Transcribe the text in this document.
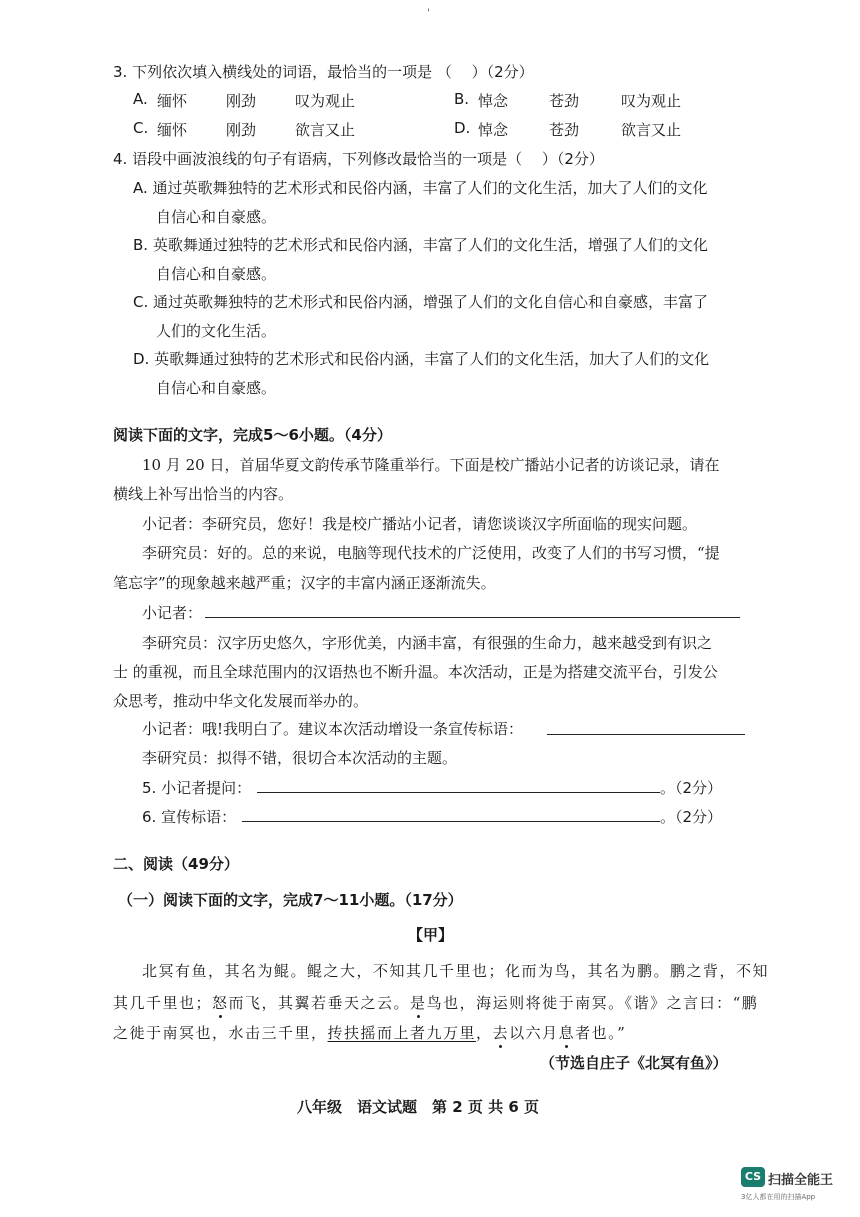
'
3. 下列依次填入横线处的词语，最恰当的一项是 （　 ）（2分）
A. 缅怀	刚劲	叹为观止	B. 悼念	苍劲	叹为观止
C. 缅怀	刚劲	欲言又止	D. 悼念	苍劲	欲言又止
4. 语段中画波浪线的句子有语病，下列修改最恰当的一项是（　 ）（2分）
A. 通过英歌舞独特的艺术形式和民俗内涵，丰富了人们的文化生活，加大了人们的文化
自信心和自豪感。
B. 英歌舞通过独特的艺术形式和民俗内涵，丰富了人们的文化生活，增强了人们的文化
自信心和自豪感。
C. 通过英歌舞独特的艺术形式和民俗内涵，增强了人们的文化自信心和自豪感，丰富了
人们的文化生活。
D. 英歌舞通过独特的艺术形式和民俗内涵，丰富了人们的文化生活，加大了人们的文化
自信心和自豪感。
阅读下面的文字，完成5～6小题。（4分）
10 月 20 日，首届华夏文韵传承节隆重举行。下面是校广播站小记者的访谈记录，请在
横线上补写出恰当的内容。
小记者：李研究员，您好！我是校广播站小记者，请您谈谈汉字所面临的现实问题。
李研究员：好的。总的来说，电脑等现代技术的广泛使用，改变了人们的书写习惯，“提
笔忘字”的现象越来越严重；汉字的丰富内涵正逐渐流失。
小记者：
李研究员：汉字历史悠久，字形优美，内涵丰富，有很强的生命力，越来越受到有识之
士 的重视，而且全球范围内的汉语热也不断升温。本次活动，正是为搭建交流平台，引发公
众思考，推动中华文化发展而举办的。
小记者：哦!我明白了。建议本次活动增设一条宣传标语：
李研究员：拟得不错，很切合本次活动的主题。
5. 小记者提问：	。（2分）
6. 宣传标语：	。（2分）
二、阅读（49分）
（一）阅读下面的文字，完成7～11小题。（17分）
【甲】
北冥有鱼，其名为鲲。鲲之大，不知其几千里也；化而为鸟，其名为鹏。鹏之背，不知
其几千里也；怒而飞，其翼若垂天之云。是鸟也，海运则将徙于南冥。《谐》之言曰：“鹏
之徙于南冥也，水击三千里，抟扶摇而上者九万里，去以六月息者也。”
（节选自庄子《北冥有鱼》）
八年级　语文试题　第 2 页 共 6 页
CS 扫描全能王
3亿人都在用的扫描App
